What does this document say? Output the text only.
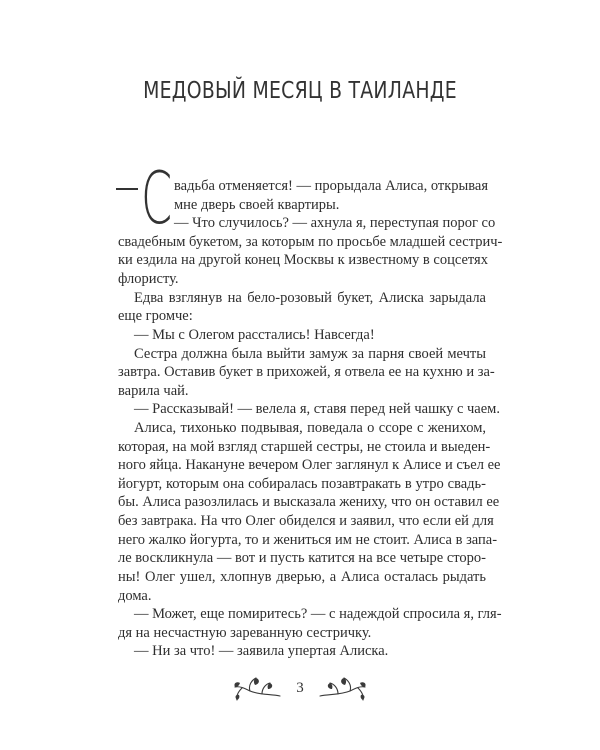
МЕДОВЫЙ МЕСЯЦ В ТАИЛАНДЕ
С вадьба отменяется! — прорыдала Алиса, открывая
мне дверь своей квартиры.
— Что случилось? — ахнула я, переступая порог со
свадебным букетом, за которым по просьбе младшей сестрич-
ки ездила на другой конец Москвы к известному в соцсетях
флористу.
Едва взглянув на бело-розовый букет, Алиска зарыдала
еще громче:
— Мы с Олегом расстались! Навсегда!
Сестра должна была выйти замуж за парня своей мечты
завтра. Оставив букет в прихожей, я отвела ее на кухню и за-
варила чай.
— Рассказывай! — велела я, ставя перед ней чашку с чаем.
Алиса, тихонько подвывая, поведала о ссоре с женихом,
которая, на мой взгляд старшей сестры, не стоила и выеден-
ного яйца. Накануне вечером Олег заглянул к Алисе и съел ее
йогурт, которым она собиралась позавтракать в утро свадь-
бы. Алиса разозлилась и высказала жениху, что он оставил ее
без завтрака. На что Олег обиделся и заявил, что если ей для
него жалко йогурта, то и жениться им не стоит. Алиса в запа-
ле воскликнула — вот и пусть катится на все четыре сторо-
ны! Олег ушел, хлопнув дверью, а Алиса осталась рыдать
дома.
— Может, еще помиритесь? — с надеждой спросила я, гля-
дя на несчастную зареванную сестричку.
— Ни за что! — заявила упертая Алиска.
3
